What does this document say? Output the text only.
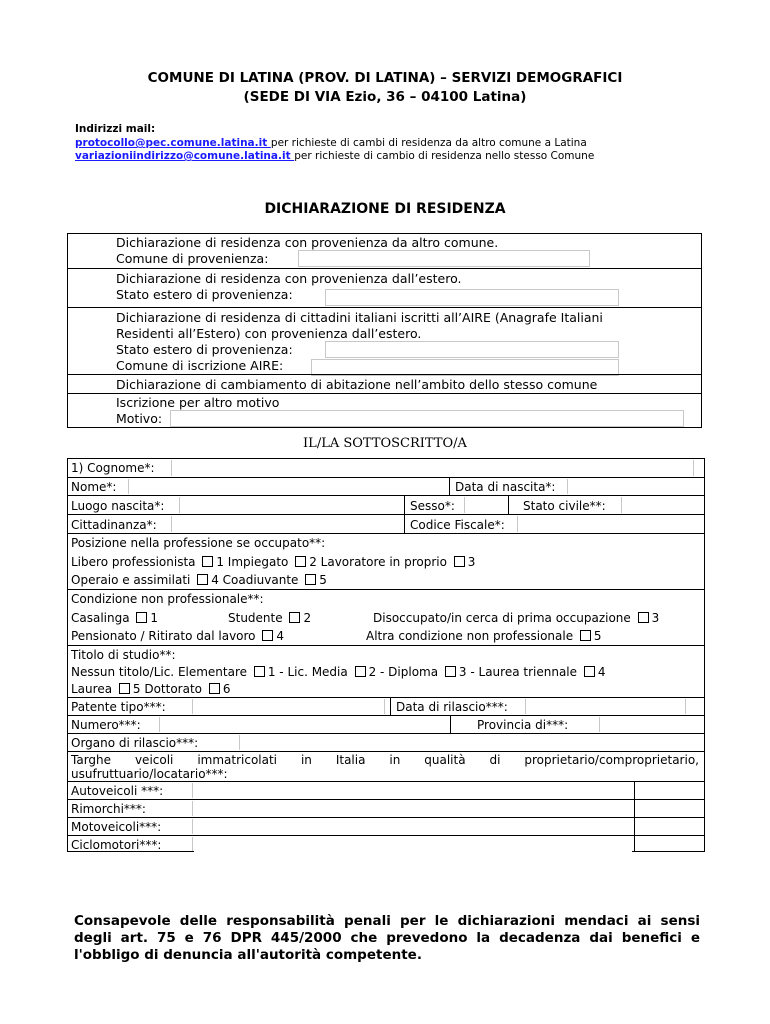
COMUNE DI LATINA (PROV. DI LATINA) – SERVIZI DEMOGRAFICI
(SEDE DI VIA Ezio, 36 – 04100 Latina)
Indirizzi mail:
protocollo@pec.comune.latina.it per richieste di cambi di residenza da altro comune a Latina
variazioniindirizzo@comune.latina.it per richieste di cambio di residenza nello stesso Comune
DICHIARAZIONE DI RESIDENZA
Dichiarazione di residenza con provenienza da altro comune.
Comune di provenienza:
Dichiarazione di residenza con provenienza dall’estero.
Stato estero di provenienza:
Dichiarazione di residenza di cittadini italiani iscritti all’AIRE (Anagrafe Italiani
Residenti all’Estero) con provenienza dall’estero.
Stato estero di provenienza:
Comune di iscrizione AIRE:
Dichiarazione di cambiamento di abitazione nell’ambito dello stesso comune
Iscrizione per altro motivo
Motivo:
IL/LA SOTTOSCRITTO/A
1) Cognome*:
Nome*:	Data di nascita*:
Luogo nascita*:	Sesso*:	Stato civile**:
Cittadinanza*:	Codice Fiscale*:
Posizione nella professione se occupato**:
Libero professionista 1 Impiegato 2 Lavoratore in proprio 3
Operaio e assimilati 4 Coadiuvante 5
Condizione non professionale**:
Casalinga 1	Studente 2	Disoccupato/in cerca di prima occupazione 3
Pensionato / Ritirato dal lavoro 4	Altra condizione non professionale 5
Titolo di studio**:
Nessun titolo/Lic. Elementare 1 - Lic. Media 2 - Diploma 3 - Laurea triennale 4
Laurea 5 Dottorato 6
Patente tipo***:	Data di rilascio***:
Numero***:	Provincia di***:
Organo di rilascio***:
Targhe veicoli immatricolati in Italia in qualità di proprietario/comproprietario,
usufruttuario/locatario***:
Autoveicoli ***:
Rimorchi***:
Motoveicoli***:
Ciclomotori***:
Consapevole delle responsabilità penali per le dichiarazioni mendaci ai sensi degli art. 75 e 76 DPR 445/2000 che prevedono la decadenza dai benefici e l'obbligo di denuncia all'autorità competente.
